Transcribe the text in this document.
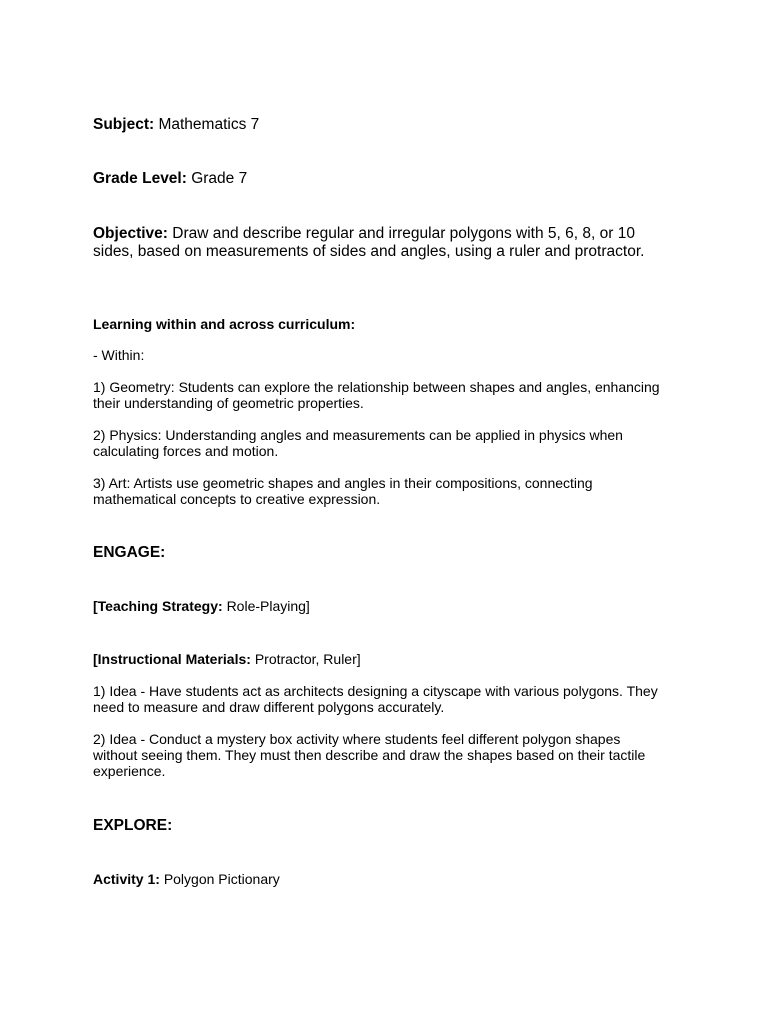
Subject: Mathematics 7

Grade Level: Grade 7

Objective: Draw and describe regular and irregular polygons with 5, 6, 8, or 10 sides, based on measurements of sides and angles, using a ruler and protractor.

Learning within and across curriculum:

- Within:

1) Geometry: Students can explore the relationship between shapes and angles, enhancing their understanding of geometric properties.

2) Physics: Understanding angles and measurements can be applied in physics when calculating forces and motion.

3) Art: Artists use geometric shapes and angles in their compositions, connecting mathematical concepts to creative expression.

ENGAGE:

[Teaching Strategy: Role-Playing]

[Instructional Materials: Protractor, Ruler]

1) Idea - Have students act as architects designing a cityscape with various polygons. They need to measure and draw different polygons accurately.

2) Idea - Conduct a mystery box activity where students feel different polygon shapes without seeing them. They must then describe and draw the shapes based on their tactile experience.

EXPLORE:

Activity 1: Polygon Pictionary
